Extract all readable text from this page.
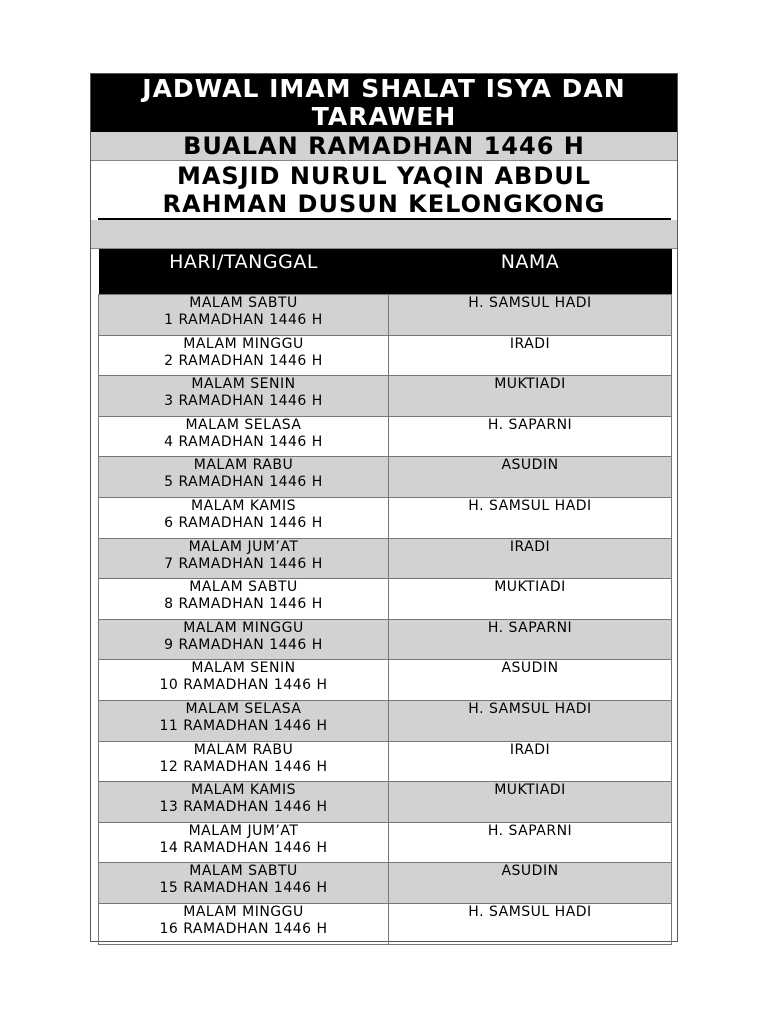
JADWAL IMAM SHALAT ISYA DAN
TARAWEH
BUALAN RAMADHAN 1446 H
MASJID NURUL YAQIN ABDUL
RAHMAN DUSUN KELONGKONG
HARI/TANGGAL	NAMA

MALAM SABTU
1 RAMADHAN 1446 H	H. SAMSUL HADI

MALAM MINGGU
2 RAMADHAN 1446 H	IRADI

MALAM SENIN
3 RAMADHAN 1446 H	MUKTIADI

MALAM SELASA
4 RAMADHAN 1446 H	H. SAPARNI

MALAM RABU
5 RAMADHAN 1446 H	ASUDIN

MALAM KAMIS
6 RAMADHAN 1446 H	H. SAMSUL HADI

MALAM JUM’AT
7 RAMADHAN 1446 H	IRADI

MALAM SABTU
8 RAMADHAN 1446 H	MUKTIADI

MALAM MINGGU
9 RAMADHAN 1446 H	H. SAPARNI

MALAM SENIN
10 RAMADHAN 1446 H	ASUDIN

MALAM SELASA
11 RAMADHAN 1446 H	H. SAMSUL HADI

MALAM RABU
12 RAMADHAN 1446 H	IRADI

MALAM KAMIS
13 RAMADHAN 1446 H	MUKTIADI

MALAM JUM’AT
14 RAMADHAN 1446 H	H. SAPARNI

MALAM SABTU
15 RAMADHAN 1446 H	ASUDIN

MALAM MINGGU
16 RAMADHAN 1446 H	H. SAMSUL HADI
